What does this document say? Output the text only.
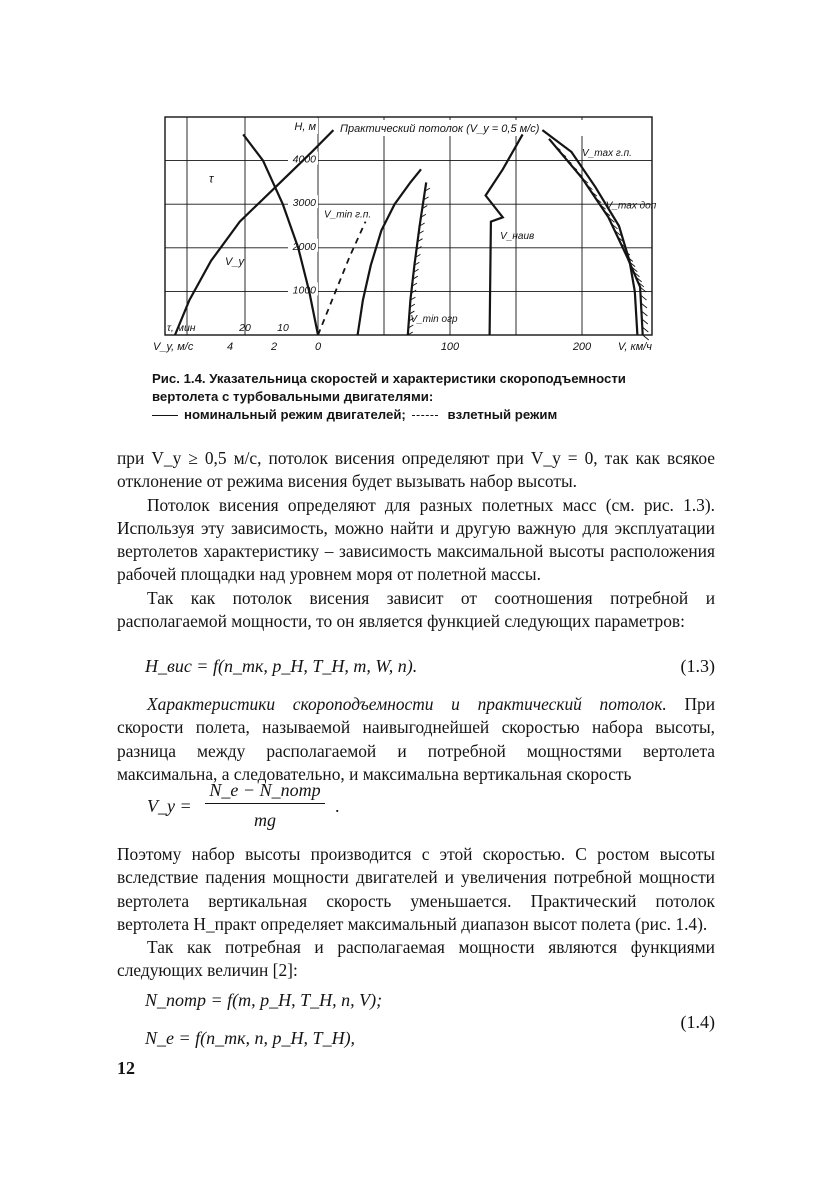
4000
3000
2000
1000
H, м
0	100	200 V, км/ч
V_y, м/с	4	2
τ, мин	20	10
Практический потолок (V_y = 0,5 м/с)
τ
V_y
V_min г.п.
V_min огр
V_наив
V_max г.п.
V_max доп
Рис. 1.4. Указательница скоростей и характеристики скороподъемности вертолета с турбовальными двигателями:
номинальный режим двигателей;	взлетный режим

при V_y ≥ 0,5 м/с, потолок висения определяют при V_y = 0, так как всякое отклонение от режима висения будет вызывать набор высоты.

Потолок висения определяют для разных полетных масс (см. рис. 1.3). Используя эту зависимость, можно найти и другую важную для эксплуатации вертолетов характеристику – зависимость максимальной высоты расположения рабочей площадки над уровнем моря от полетной массы.

Так как потолок висения зависит от соотношения потребной и располагаемой мощности, то он является функцией следующих параметров:

H_вис = f(n_тк, p_H, T_H, m, W, n).	(1.3)

Характеристики скороподъемности и практический потолок. При скорости полета, называемой наивыгоднейшей скоростью набора высоты, разница между располагаемой и потребной мощностями вертолета максимальна, а следовательно, и максимальна вертикальная скорость

V_y =
N_e − N_потр
mg
.

Поэтому набор высоты производится с этой скоростью. С ростом высоты вследствие падения мощности двигателей и увеличения потребной мощности вертолета вертикальная скорость уменьшается. Практический потолок вертолета H_практ определяет максимальный диапазон высот полета (рис. 1.4).

Так как потребная и располагаемая мощности являются функциями следующих величин [2]:

N_потр = f(m, p_H, T_H, n, V);
(1.4)
N_e = f(n_тк, n, p_H, T_H),
12
